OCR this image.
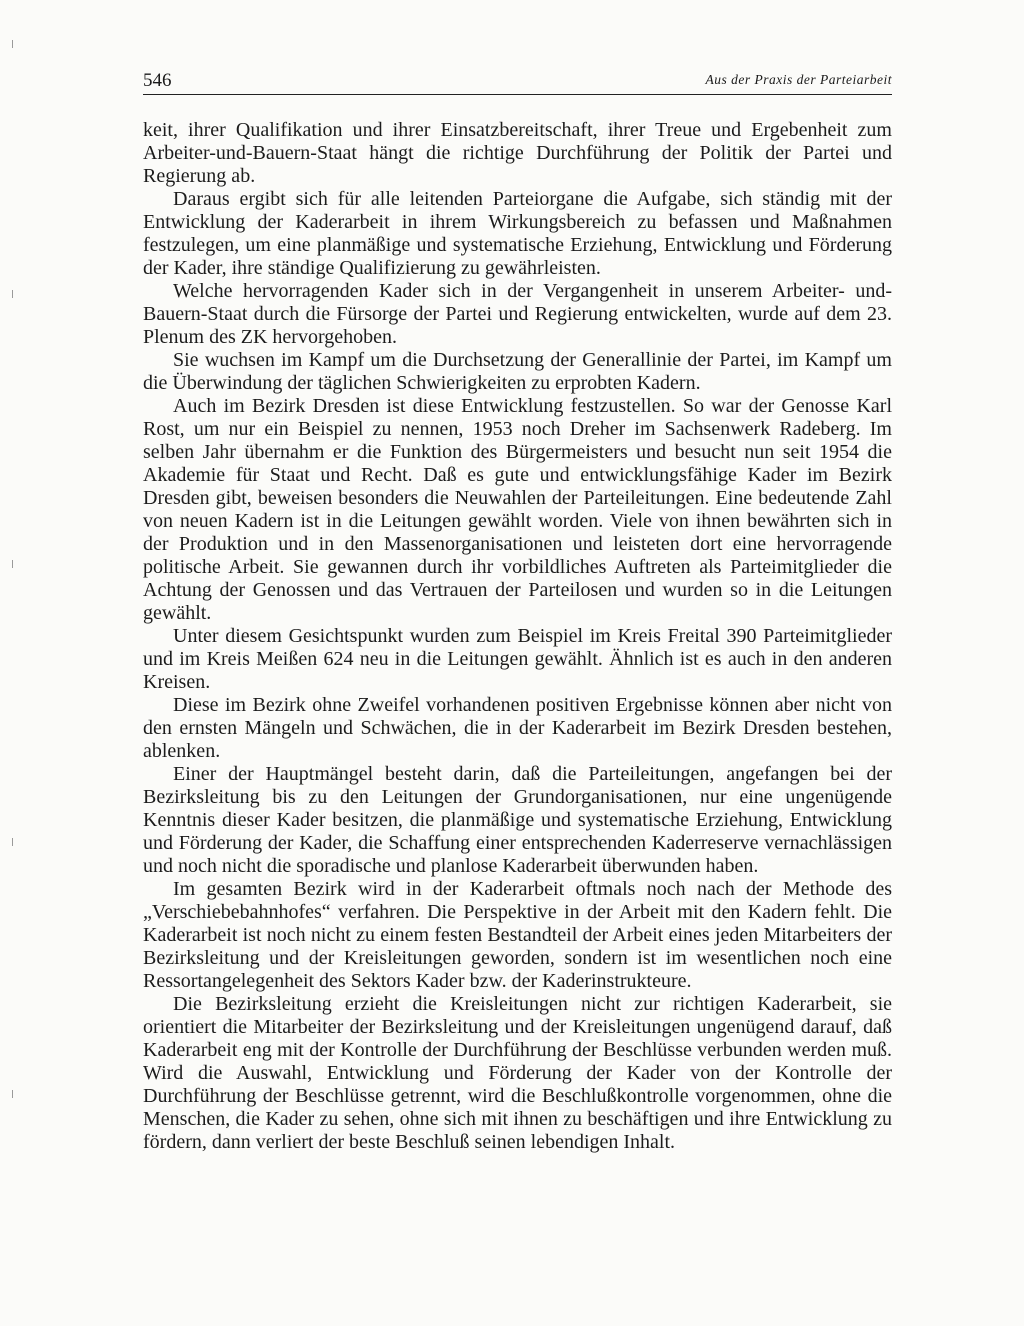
546	Aus der Praxis der Parteiarbeit

keit, ihrer Qualifikation und ihrer Einsatzbereitschaft, ihrer Treue und Ergebenheit zum Arbeiter-und-Bauern-Staat hängt die richtige Durchführung der Politik der Partei und Regierung ab.

Daraus ergibt sich für alle leitenden Parteiorgane die Aufgabe, sich ständig mit der Entwicklung der Kaderarbeit in ihrem Wirkungsbereich zu befassen und Maßnahmen festzulegen, um eine planmäßige und systematische Erziehung, Entwicklung und Förderung der Kader, ihre ständige Qualifizierung zu gewährleisten.

Welche hervorragenden Kader sich in der Vergangenheit in unserem Arbeiter- und-Bauern-Staat durch die Fürsorge der Partei und Regierung entwickelten, wurde auf dem 23. Plenum des ZK hervorgehoben.

Sie wuchsen im Kampf um die Durchsetzung der Generallinie der Partei, im Kampf um die Überwindung der täglichen Schwierigkeiten zu erprobten Kadern.

Auch im Bezirk Dresden ist diese Entwicklung festzustellen. So war der Genosse Karl Rost, um nur ein Beispiel zu nennen, 1953 noch Dreher im Sachsenwerk Radeberg. Im selben Jahr übernahm er die Funktion des Bürgermeisters und besucht nun seit 1954 die Akademie für Staat und Recht. Daß es gute und entwicklungsfähige Kader im Bezirk Dresden gibt, beweisen besonders die Neuwahlen der Parteileitungen. Eine bedeutende Zahl von neuen Kadern ist in die Leitungen gewählt worden. Viele von ihnen bewährten sich in der Produktion und in den Massenorganisationen und leisteten dort eine hervorragende politische Arbeit. Sie gewannen durch ihr vorbildliches Auftreten als Parteimitglieder die Achtung der Genossen und das Vertrauen der Parteilosen und wurden so in die Leitungen gewählt.

Unter diesem Gesichtspunkt wurden zum Beispiel im Kreis Freital 390 Parteimitglieder und im Kreis Meißen 624 neu in die Leitungen gewählt. Ähnlich ist es auch in den anderen Kreisen.

Diese im Bezirk ohne Zweifel vorhandenen positiven Ergebnisse können aber nicht von den ernsten Mängeln und Schwächen, die in der Kaderarbeit im Bezirk Dresden bestehen, ablenken.

Einer der Hauptmängel besteht darin, daß die Parteileitungen, angefangen bei der Bezirksleitung bis zu den Leitungen der Grundorganisationen, nur eine ungenügende Kenntnis dieser Kader besitzen, die planmäßige und systematische Erziehung, Entwicklung und Förderung der Kader, die Schaffung einer entsprechenden Kaderreserve vernachlässigen und noch nicht die sporadische und planlose Kaderarbeit überwunden haben.

Im gesamten Bezirk wird in der Kaderarbeit oftmals noch nach der Methode des „Verschiebebahnhofes“ verfahren. Die Perspektive in der Arbeit mit den Kadern fehlt. Die Kaderarbeit ist noch nicht zu einem festen Bestandteil der Arbeit eines jeden Mitarbeiters der Bezirksleitung und der Kreisleitungen geworden, sondern ist im wesentlichen noch eine Ressortangelegenheit des Sektors Kader bzw. der Kaderinstrukteure.

Die Bezirksleitung erzieht die Kreisleitungen nicht zur richtigen Kaderarbeit, sie orientiert die Mitarbeiter der Bezirksleitung und der Kreisleitungen ungenügend darauf, daß Kaderarbeit eng mit der Kontrolle der Durchführung der Beschlüsse verbunden werden muß. Wird die Auswahl, Entwicklung und Förderung der Kader von der Kontrolle der Durchführung der Beschlüsse getrennt, wird die Beschlußkontrolle vorgenommen, ohne die Menschen, die Kader zu sehen, ohne sich mit ihnen zu beschäftigen und ihre Entwicklung zu fördern, dann verliert der beste Beschluß seinen lebendigen Inhalt.
